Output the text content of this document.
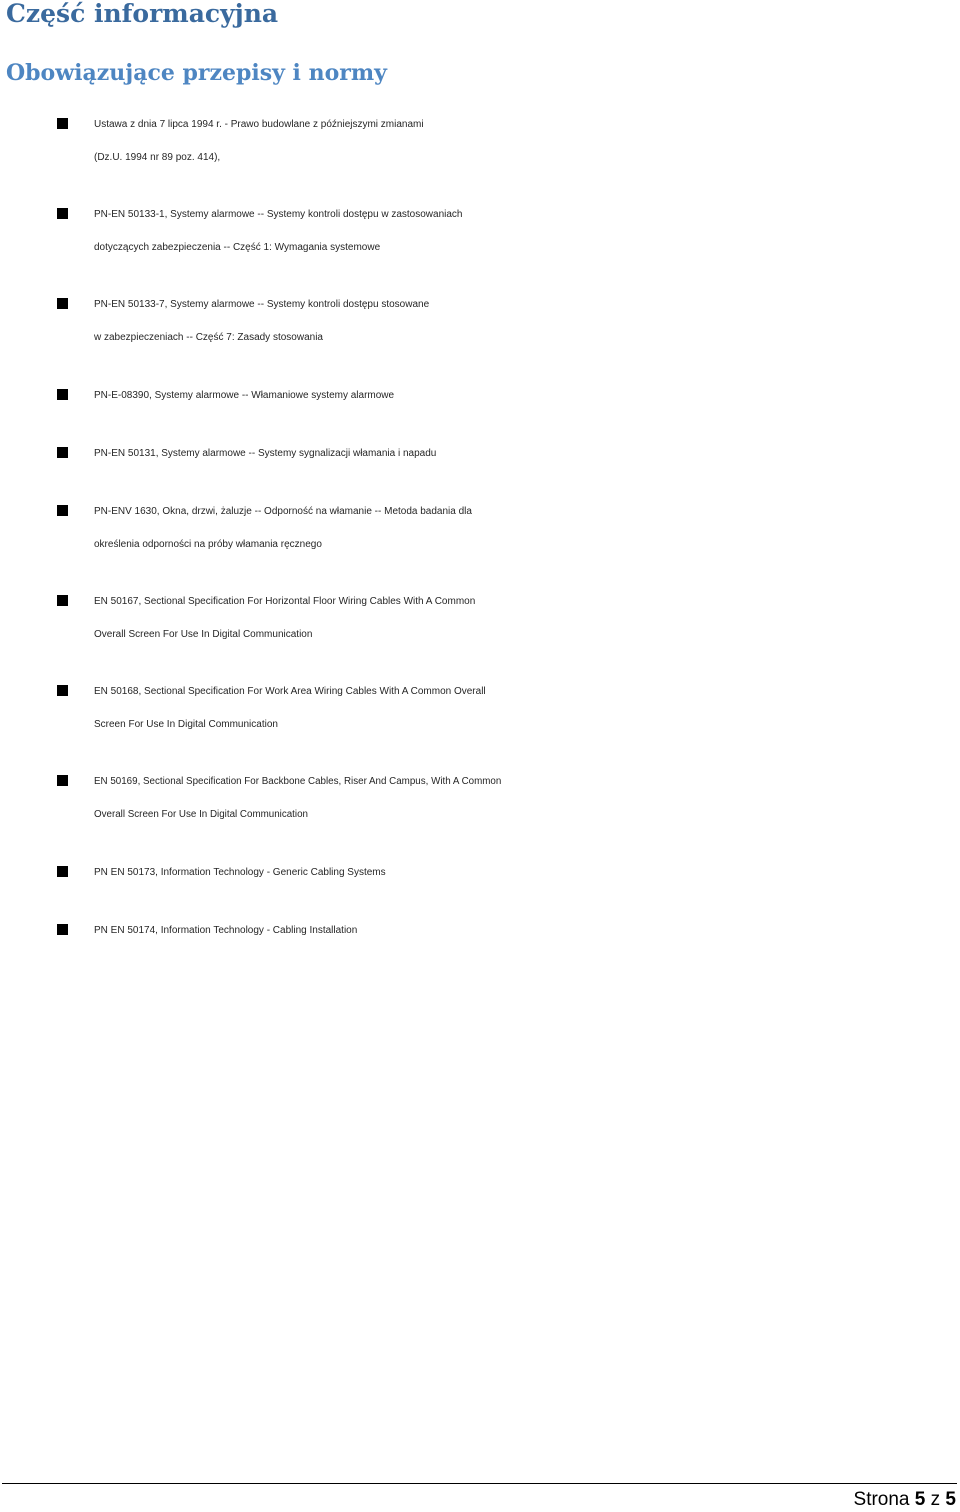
Część informacyjna
Obowiązujące przepisy i normy

Ustawa z dnia 7 lipca 1994 r. - Prawo budowlane z późniejszymi zmianami
(Dz.U. 1994 nr 89 poz. 414),

PN-EN 50133-1, Systemy alarmowe -- Systemy kontroli dostępu w zastosowaniach
dotyczących zabezpieczenia -- Część 1: Wymagania systemowe

PN-EN 50133-7, Systemy alarmowe -- Systemy kontroli dostępu stosowane
w zabezpieczeniach -- Część 7: Zasady stosowania

PN-E-08390, Systemy alarmowe -- Włamaniowe systemy alarmowe

PN-EN 50131, Systemy alarmowe -- Systemy sygnalizacji włamania i napadu

PN-ENV 1630, Okna, drzwi, żaluzje -- Odporność na włamanie -- Metoda badania dla
określenia odporności na próby włamania ręcznego

EN 50167, Sectional Specification For Horizontal Floor Wiring Cables With A Common
Overall Screen For Use In Digital Communication

EN 50168, Sectional Specification For Work Area Wiring Cables With A Common Overall
Screen For Use In Digital Communication

EN 50169, Sectional Specification For Backbone Cables, Riser And Campus, With A Common
Overall Screen For Use In Digital Communication

PN EN 50173, Information Technology - Generic Cabling Systems

PN EN 50174, Information Technology - Cabling Installation

Strona 5 z 5
